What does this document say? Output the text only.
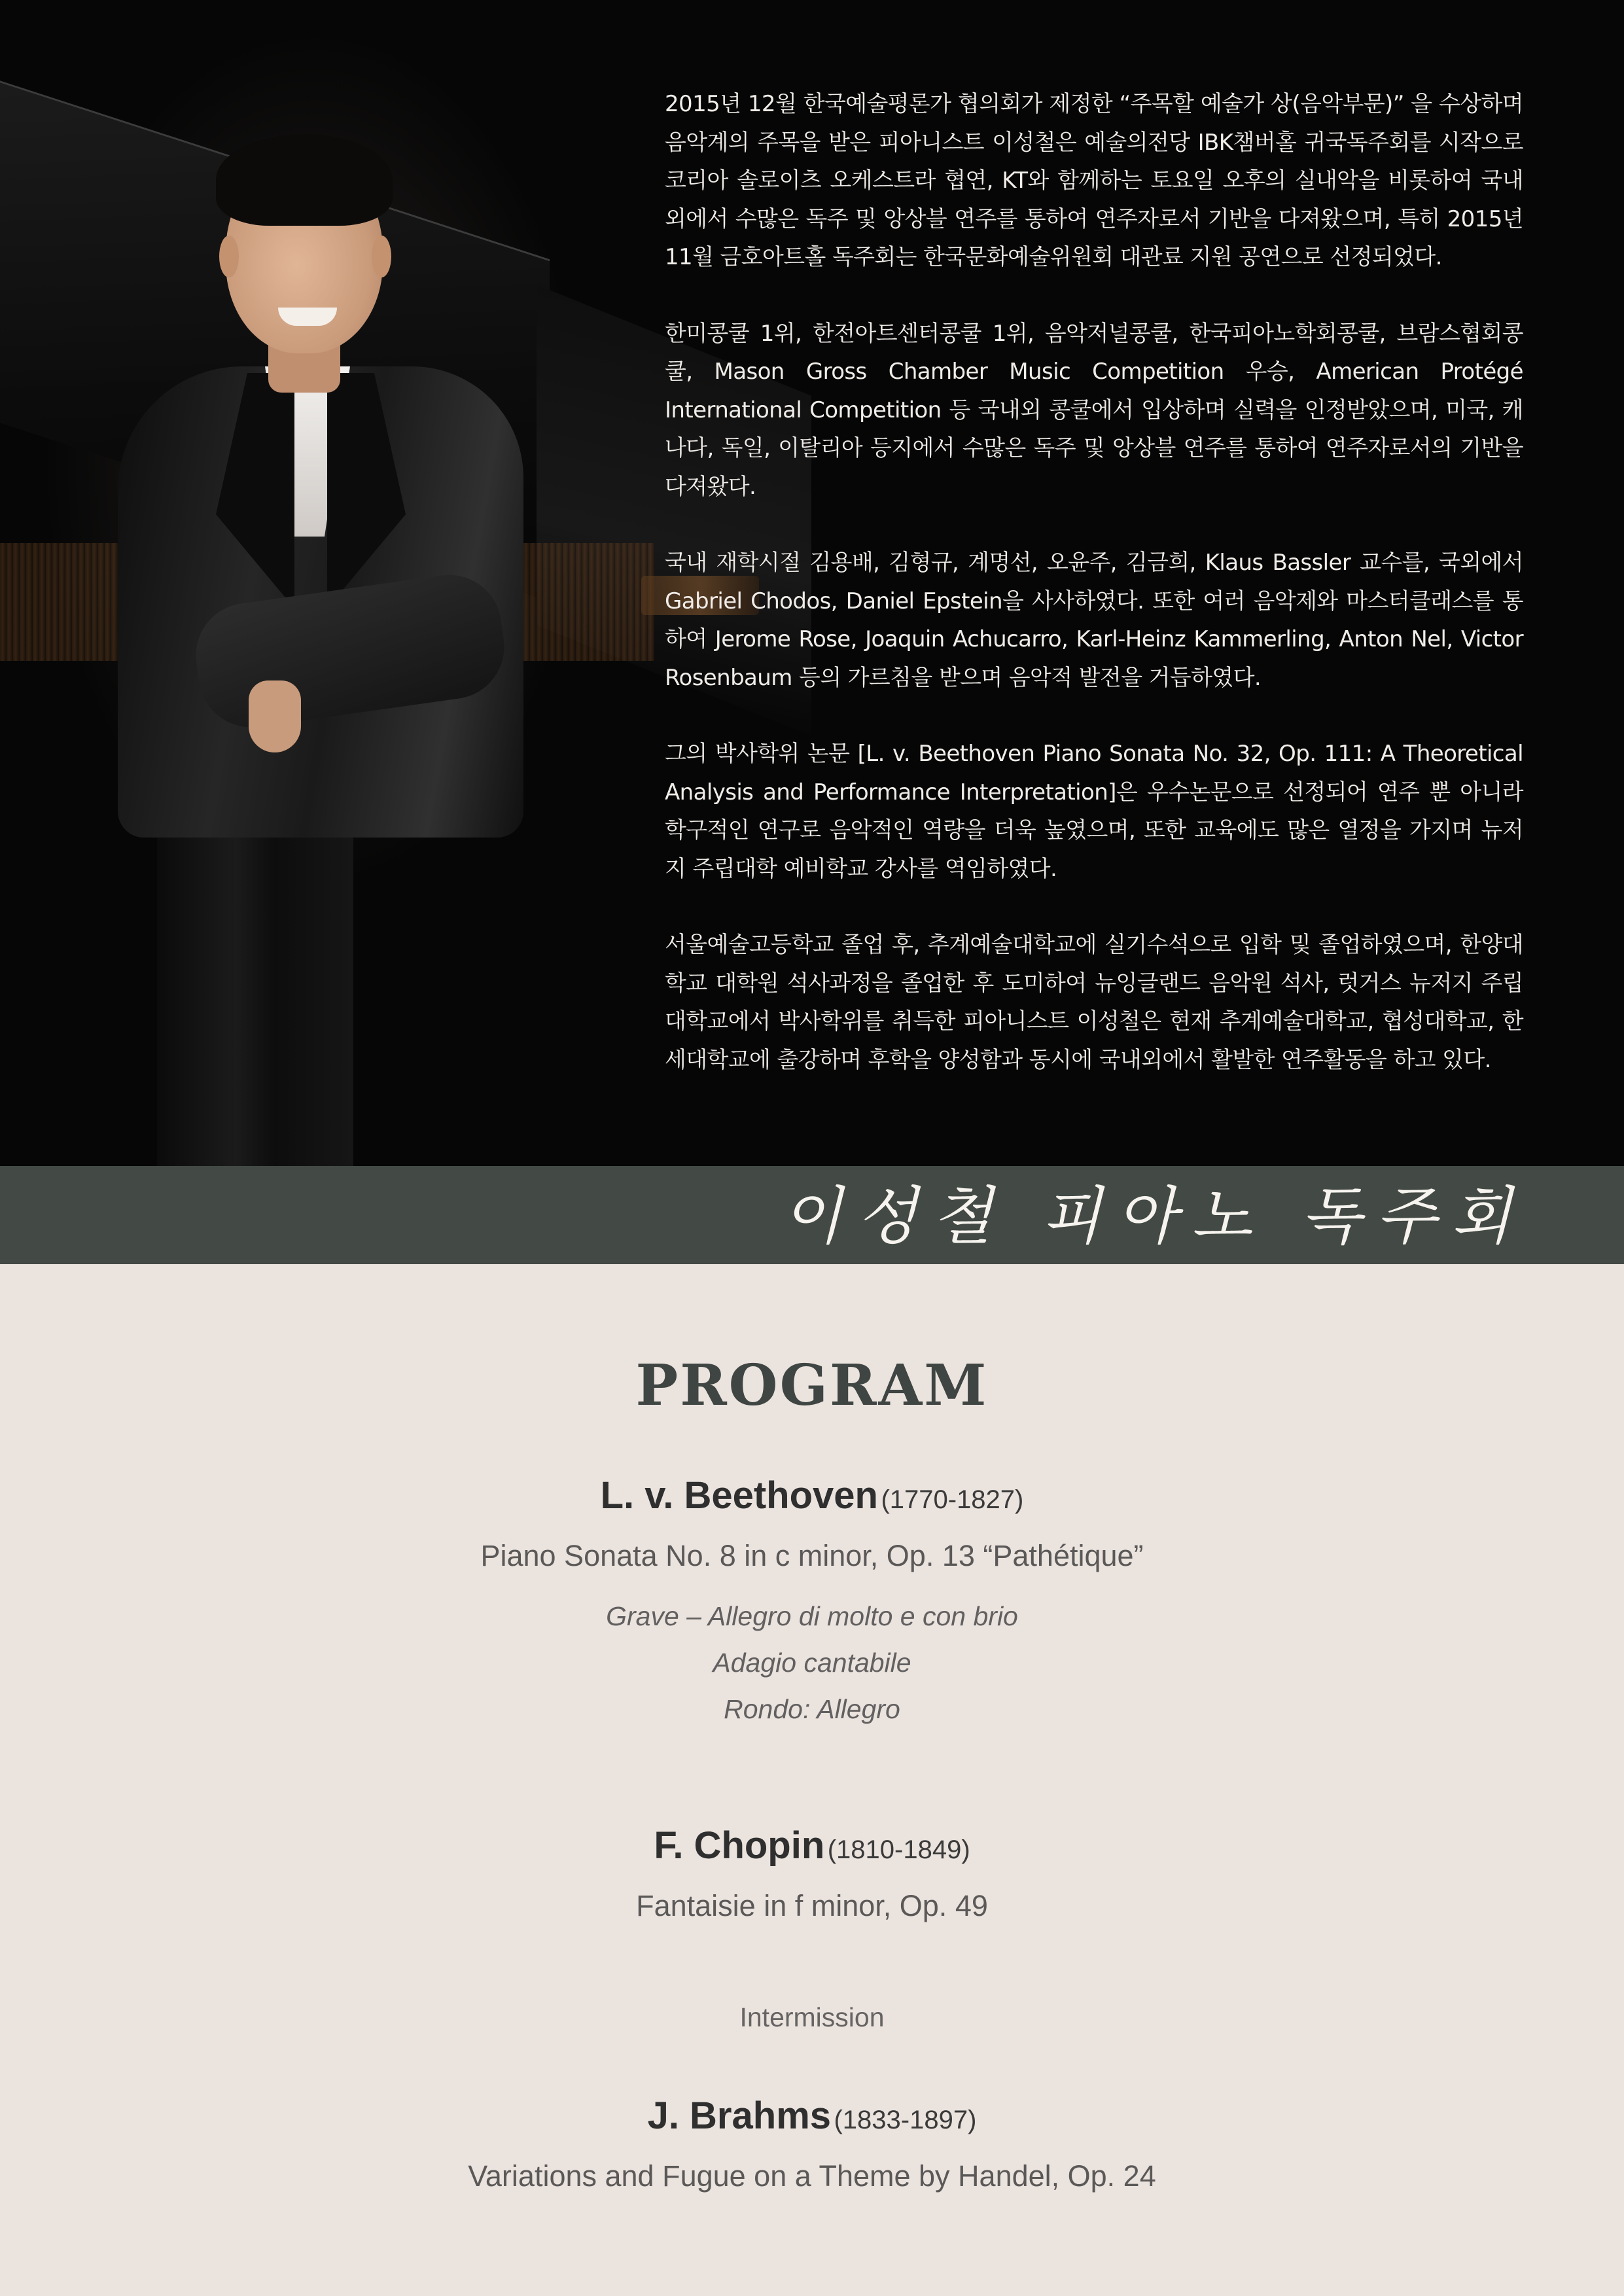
2015년 12월 한국예술평론가 협의회가 제정한 “주목할 예술가 상(음악부문)” 을 수상하며 음악계의 주목을 받은 피아니스트 이성철은 예술의전당 IBK챔버홀 귀국독주회를 시작으로 코리아 솔로이츠 오케스트라 협연, KT와 함께하는 토요일 오후의 실내악을 비롯하여 국내외에서 수많은 독주 및 앙상블 연주를 통하여 연주자로서 기반을 다져왔으며, 특히 2015년 11월 금호아트홀 독주회는 한국문화예술위원회 대관료 지원 공연으로 선정되었다.

한미콩쿨 1위, 한전아트센터콩쿨 1위, 음악저널콩쿨, 한국피아노학회콩쿨, 브람스협회콩쿨, Mason Gross Chamber Music Competition 우승, American Protégé International Competition 등 국내외 콩쿨에서 입상하며 실력을 인정받았으며, 미국, 캐나다, 독일, 이탈리아 등지에서 수많은 독주 및 앙상블 연주를 통하여 연주자로서의 기반을 다져왔다.

국내 재학시절 김용배, 김형규, 계명선, 오윤주, 김금희, Klaus Bassler 교수를, 국외에서 Gabriel Chodos, Daniel Epstein을 사사하였다. 또한 여러 음악제와 마스터클래스를 통하여 Jerome Rose, Joaquin Achucarro, Karl-Heinz Kammerling, Anton Nel, Victor Rosenbaum 등의 가르침을 받으며 음악적 발전을 거듭하였다.

그의 박사학위 논문 [L. v. Beethoven Piano Sonata No. 32, Op. 111: A Theoretical Analysis and Performance Interpretation]은 우수논문으로 선정되어 연주 뿐 아니라 학구적인 연구로 음악적인 역량을 더욱 높였으며, 또한 교육에도 많은 열정을 가지며 뉴저지 주립대학 예비학교 강사를 역임하였다.

서울예술고등학교 졸업 후, 추계예술대학교에 실기수석으로 입학 및 졸업하였으며, 한양대학교 대학원 석사과정을 졸업한 후 도미하여 뉴잉글랜드 음악원 석사, 럿거스 뉴저지 주립대학교에서 박사학위를 취득한 피아니스트 이성철은 현재 추계예술대학교, 협성대학교, 한세대학교에 출강하며 후학을 양성함과 동시에 국내외에서 활발한 연주활동을 하고 있다.

이성철 피아노 독주회
PROGRAM
L. v. Beethoven (1770-1827)
Piano Sonata No. 8 in c minor, Op. 13 “Pathétique”
Grave – Allegro di molto e con brio
Adagio cantabile
Rondo: Allegro
F. Chopin (1810-1849)
Fantaisie in f minor, Op. 49
Intermission
J. Brahms (1833-1897)
Variations and Fugue on a Theme by Handel, Op. 24
